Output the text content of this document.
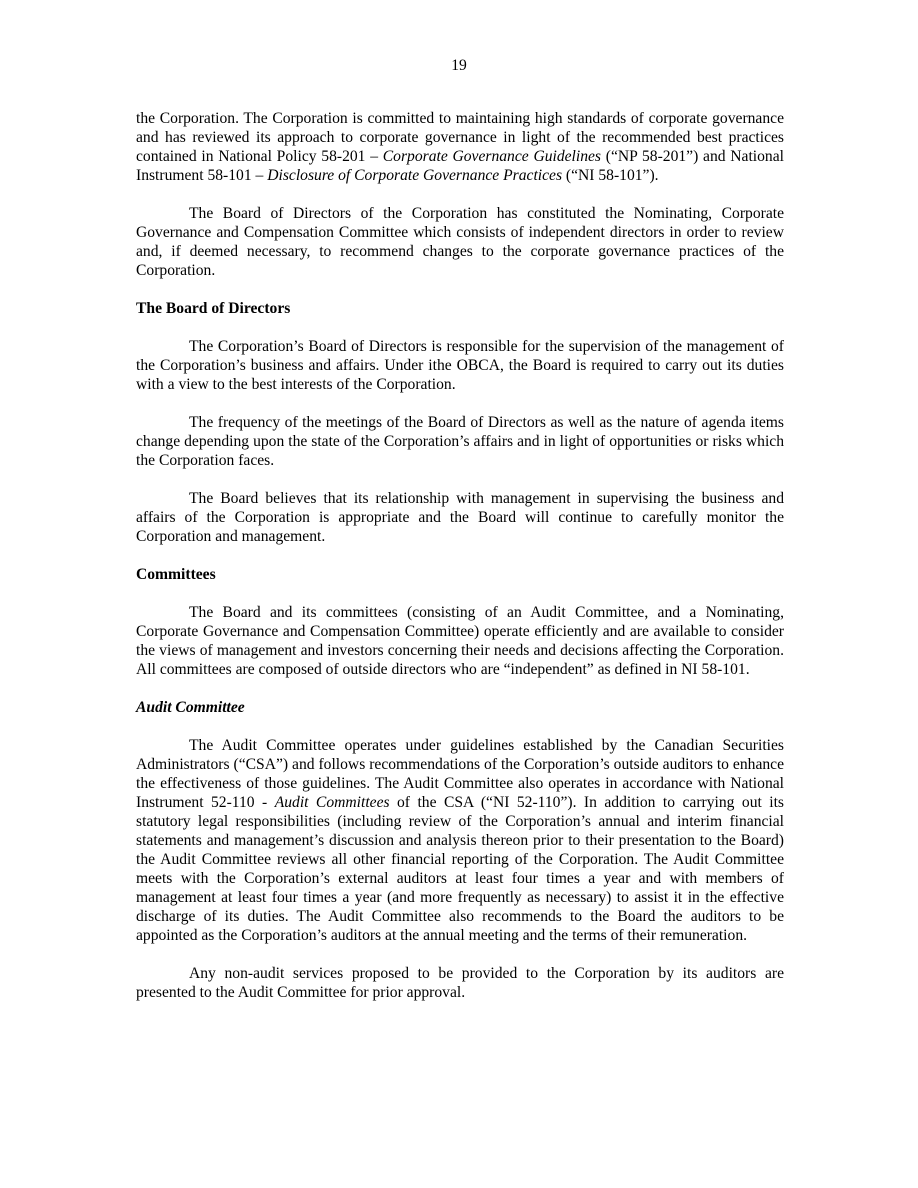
19

the Corporation. The Corporation is committed to maintaining high standards of corporate governance and has reviewed its approach to corporate governance in light of the recommended best practices contained in National Policy 58-201 – Corporate Governance Guidelines (“NP 58-201”) and National Instrument 58-101 – Disclosure of Corporate Governance Practices (“NI 58-101”).

The Board of Directors of the Corporation has constituted the Nominating, Corporate Governance and Compensation Committee which consists of independent directors in order to review and, if deemed necessary, to recommend changes to the corporate governance practices of the Corporation.

The Board of Directors

The Corporation’s Board of Directors is responsible for the supervision of the management of the Corporation’s business and affairs. Under ithe OBCA, the Board is required to carry out its duties with a view to the best interests of the Corporation.

The frequency of the meetings of the Board of Directors as well as the nature of agenda items change depending upon the state of the Corporation’s affairs and in light of opportunities or risks which the Corporation faces.

The Board believes that its relationship with management in supervising the business and affairs of the Corporation is appropriate and the Board will continue to carefully monitor the Corporation and management.

Committees

The Board and its committees (consisting of an Audit Committee, and a Nominating, Corporate Governance and Compensation Committee) operate efficiently and are available to consider the views of management and investors concerning their needs and decisions affecting the Corporation. All committees are composed of outside directors who are “independent” as defined in NI 58-101.

Audit Committee

The Audit Committee operates under guidelines established by the Canadian Securities Administrators (“CSA”) and follows recommendations of the Corporation’s outside auditors to enhance the effectiveness of those guidelines. The Audit Committee also operates in accordance with National Instrument 52-110 - Audit Committees of the CSA (“NI 52-110”). In addition to carrying out its statutory legal responsibilities (including review of the Corporation’s annual and interim financial statements and management’s discussion and analysis thereon prior to their presentation to the Board) the Audit Committee reviews all other financial reporting of the Corporation. The Audit Committee meets with the Corporation’s external auditors at least four times a year and with members of management at least four times a year (and more frequently as necessary) to assist it in the effective discharge of its duties. The Audit Committee also recommends to the Board the auditors to be appointed as the Corporation’s auditors at the annual meeting and the terms of their remuneration.

Any non-audit services proposed to be provided to the Corporation by its auditors are presented to the Audit Committee for prior approval.
